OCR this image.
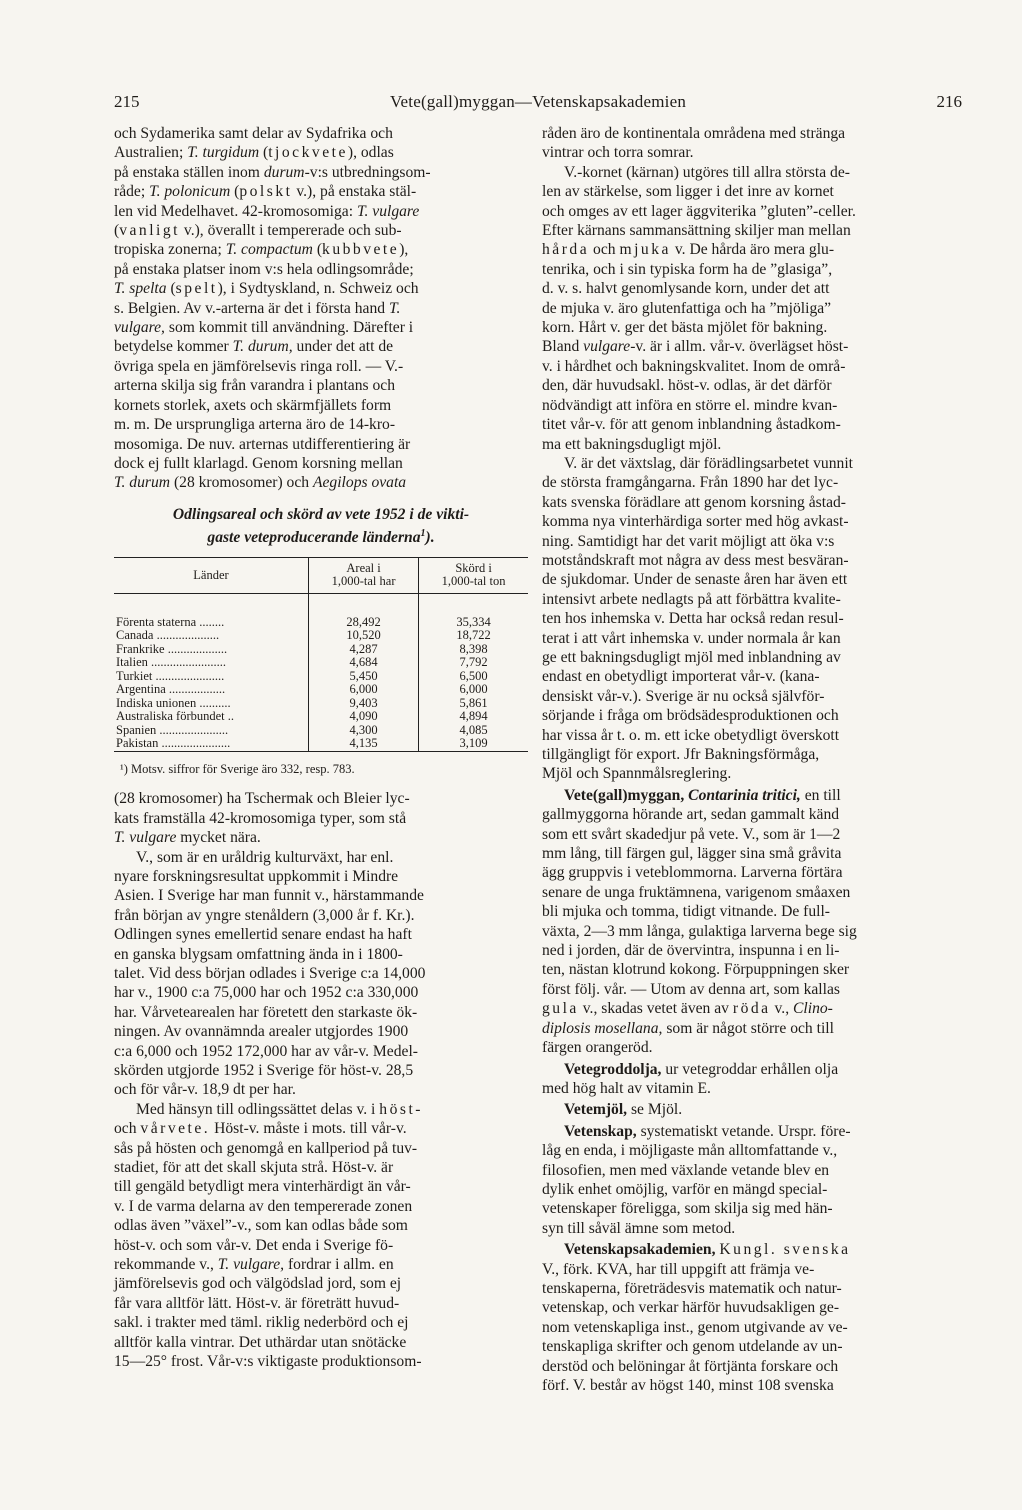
215	Vete(gall)myggan—Vetenskapsakademien	216

och Sydamerika samt delar av Sydafrika och
Australien; T. turgidum (tjockvete), odlas
på enstaka ställen inom durum-v:s utbredningsom-
råde; T. polonicum (polskt v.), på enstaka stäl-
len vid Medelhavet. 42-kromosomiga: T. vulgare
(vanligt v.), överallt i tempererade och sub-
tropiska zonerna; T. compactum (kubbvete),
på enstaka platser inom v:s hela odlingsområde;
T. spelta (spelt), i Sydtyskland, n. Schweiz och
s. Belgien. Av v.-arterna är det i första hand T.
vulgare, som kommit till användning. Därefter i
betydelse kommer T. durum, under det att de
övriga spela en jämförelsevis ringa roll. — V.-
arterna skilja sig från varandra i plantans och
kornets storlek, axets och skärmfjällets form
m. m. De ursprungliga arterna äro de 14-kro-
mosomiga. De nuv. arternas utdifferentiering är
dock ej fullt klarlagd. Genom korsning mellan
T. durum (28 kromosomer) och Aegilops ovata

Odlingsareal och skörd av vete 1952 i de vikti-
gaste veteproducerande länderna$^1$).
Länder	Areal i
1,000-tal har	Skörd i
1,000-tal ton

Förenta staterna ........	28,492	35,334
Canada ....................	10,520	18,722
Frankrike ...................	4,287	8,398
Italien ........................	4,684	7,792
Turkiet ......................	5,450	6,500
Argentina ..................	6,000	6,000
Indiska unionen ..........	9,403	5,861
Australiska förbundet ..	4,090	4,894
Spanien ......................	4,300	4,085
Pakistan ......................	4,135	3,109
¹) Motsv. siffror för Sverige äro 332, resp. 783.

(28 kromosomer) ha Tschermak och Bleier lyc-
kats framställa 42-kromosomiga typer, som stå
T. vulgare mycket nära.

V., som är en uråldrig kulturväxt, har enl.
nyare forskningsresultat uppkommit i Mindre
Asien. I Sverige har man funnit v., härstammande
från början av yngre stenåldern (3,000 år f. Kr.).
Odlingen synes emellertid senare endast ha haft
en ganska blygsam omfattning ända in i 1800-
talet. Vid dess början odlades i Sverige c:a 14,000
har v., 1900 c:a 75,000 har och 1952 c:a 330,000
har. Vårvetearealen har företett den starkaste ök-
ningen. Av ovannämnda arealer utgjordes 1900
c:a 6,000 och 1952 172,000 har av vår-v. Medel-
skörden utgjorde 1952 i Sverige för höst-v. 28,5
och för vår-v. 18,9 dt per har.

Med hänsyn till odlingssättet delas v. i höst-
och vårvete. Höst-v. måste i mots. till vår-v.
sås på hösten och genomgå en kallperiod på tuv-
stadiet, för att det skall skjuta strå. Höst-v. är
till gengäld betydligt mera vinterhärdigt än vår-
v. I de varma delarna av den tempererade zonen
odlas även ”växel”-v., som kan odlas både som
höst-v. och som vår-v. Det enda i Sverige fö-
rekommande v., T. vulgare, fordrar i allm. en
jämförelsevis god och välgödslad jord, som ej
får vara alltför lätt. Höst-v. är företrätt huvud-
sakl. i trakter med täml. riklig nederbörd och ej
alltför kalla vintrar. Det uthärdar utan snötäcke
15—25° frost. Vår-v:s viktigaste produktionsom-

råden äro de kontinentala områdena med stränga
vintrar och torra somrar.

V.-kornet (kärnan) utgöres till allra största de-
len av stärkelse, som ligger i det inre av kornet
och omges av ett lager äggviterika ”gluten”-celler.
Efter kärnans sammansättning skiljer man mellan
hårda och mjuka v. De hårda äro mera glu-
tenrika, och i sin typiska form ha de ”glasiga”,
d. v. s. halvt genomlysande korn, under det att
de mjuka v. äro glutenfattiga och ha ”mjöliga”
korn. Hårt v. ger det bästa mjölet för bakning.
Bland vulgare-v. är i allm. vår-v. överlägset höst-
v. i hårdhet och bakningskvalitet. Inom de områ-
den, där huvudsakl. höst-v. odlas, är det därför
nödvändigt att införa en större el. mindre kvan-
titet vår-v. för att genom inblandning åstadkom-
ma ett bakningsdugligt mjöl.

V. är det växtslag, där förädlingsarbetet vunnit
de största framgångarna. Från 1890 har det lyc-
kats svenska förädlare att genom korsning åstad-
komma nya vinterhärdiga sorter med hög avkast-
ning. Samtidigt har det varit möjligt att öka v:s
motståndskraft mot några av dess mest besväran-
de sjukdomar. Under de senaste åren har även ett
intensivt arbete nedlagts på att förbättra kvalite-
ten hos inhemska v. Detta har också redan resul-
terat i att vårt inhemska v. under normala år kan
ge ett bakningsdugligt mjöl med inblandning av
endast en obetydligt importerat vår-v. (kana-
densiskt vår-v.). Sverige är nu också självför-
sörjande i fråga om brödsädesproduktionen och
har vissa år t. o. m. ett icke obetydligt överskott
tillgängligt för export. Jfr Bakningsförmåga,
Mjöl och Spannmålsreglering.

Vete(gall)myggan, Contarinia tritici, en till
gallmyggorna hörande art, sedan gammalt känd
som ett svårt skadedjur på vete. V., som är 1—2
mm lång, till färgen gul, lägger sina små gråvita
ägg gruppvis i veteblommorna. Larverna förtära
senare de unga fruktämnena, varigenom småaxen
bli mjuka och tomma, tidigt vitnande. De full-
växta, 2—3 mm långa, gulaktiga larverna bege sig
ned i jorden, där de övervintra, inspunna i en li-
ten, nästan klotrund kokong. Förpuppningen sker
först följ. vår. — Utom av denna art, som kallas
gula v., skadas vetet även av röda v., Clino-
diplosis mosellana, som är något större och till
färgen orangeröd.

Vetegroddolja, ur vetegroddar erhållen olja
med hög halt av vitamin E.

Vetemjöl, se Mjöl.

Vetenskap, systematiskt vetande. Urspr. före-
låg en enda, i möjligaste mån alltomfattande v.,
filosofien, men med växlande vetande blev en
dylik enhet omöjlig, varför en mängd special-
vetenskaper föreligga, som skilja sig med hän-
syn till såväl ämne som metod.

Vetenskapsakademien, Kungl. svenska
V., förk. KVA, har till uppgift att främja ve-
tenskaperna, företrädesvis matematik och natur-
vetenskap, och verkar härför huvudsakligen ge-
nom vetenskapliga inst., genom utgivande av ve-
tenskapliga skrifter och genom utdelande av un-
derstöd och belöningar åt förtjänta forskare och
förf. V. består av högst 140, minst 108 svenska
